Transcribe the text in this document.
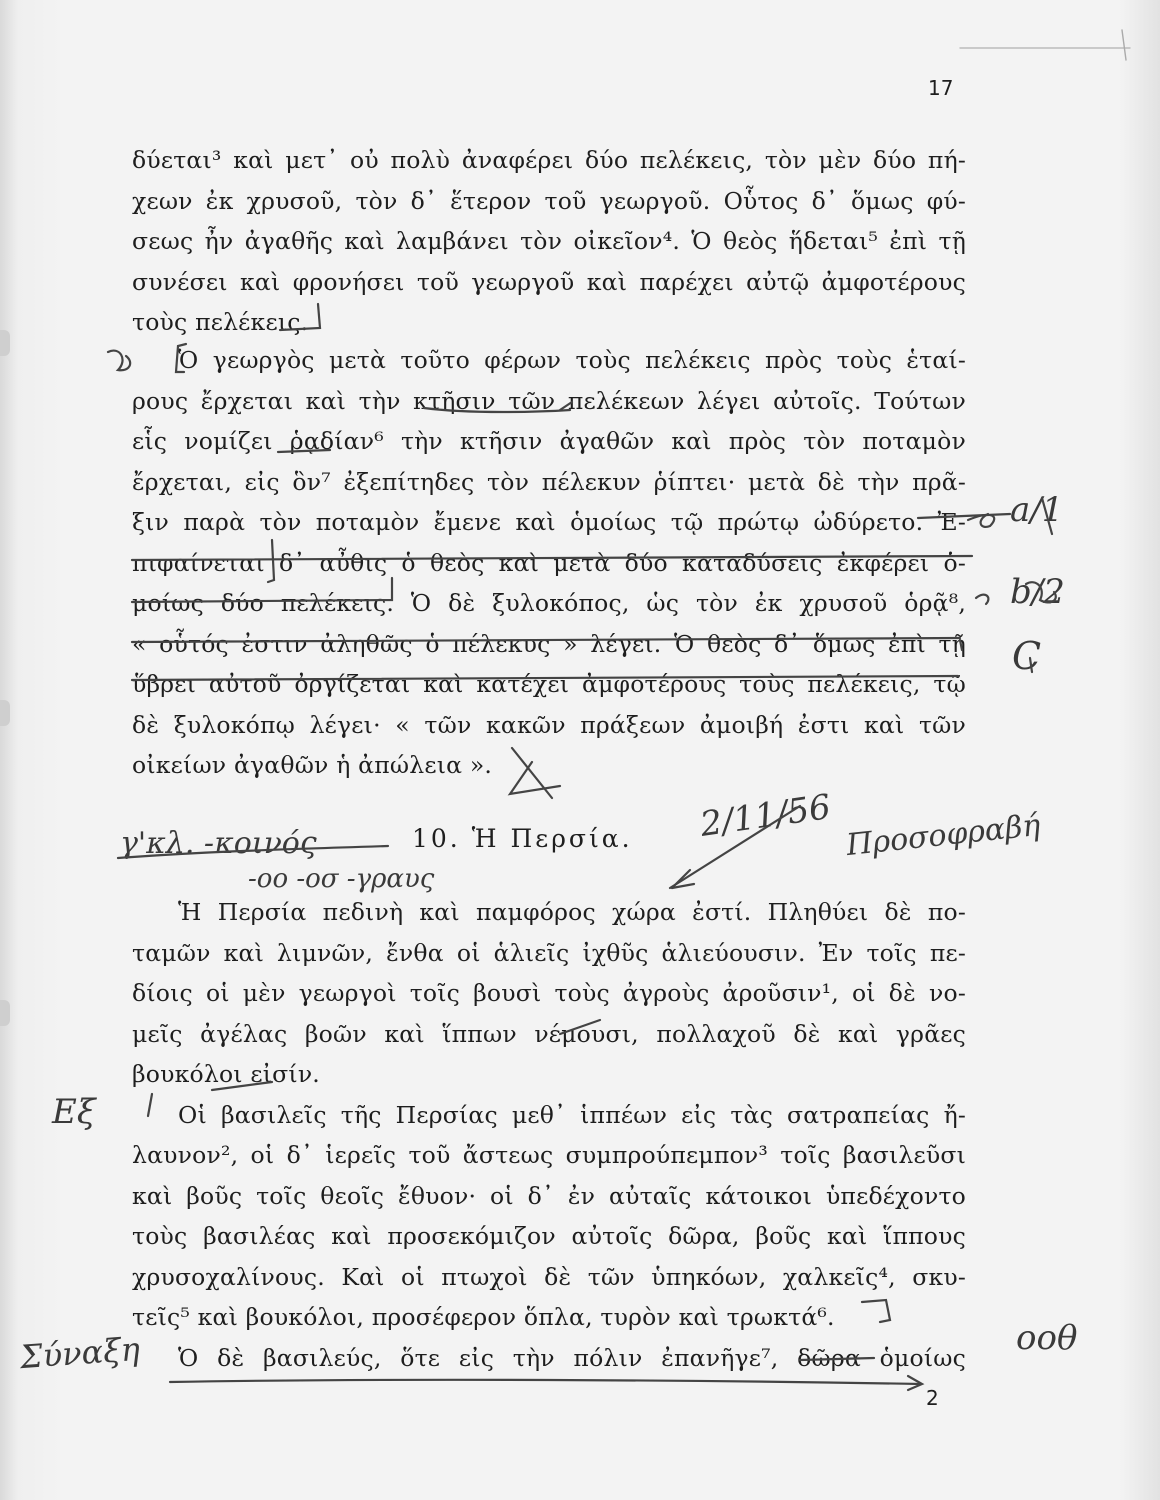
17
δύεται³ καὶ μετ᾽ οὐ πολὺ ἀναφέρει δύο πελέκεις, τὸν μὲν δύο πή-
χεων ἐκ χρυσοῦ, τὸν δ᾽ ἕτερον τοῦ γεωργοῦ. Οὗτος δ᾽ ὅμως φύ-
σεως ἦν ἀγαθῆς καὶ λαμβάνει τὸν οἰκεῖον⁴. Ὁ θεὸς ἥδεται⁵ ἐπὶ τῇ
συνέσει καὶ φρονήσει τοῦ γεωργοῦ καὶ παρέχει αὐτῷ ἀμφοτέρους
τοὺς πελέκεις.
Ὁ γεωργὸς μετὰ τοῦτο φέρων τοὺς πελέκεις πρὸς τοὺς ἑταί-
ρους ἔρχεται καὶ τὴν κτῆσιν τῶν πελέκεων λέγει αὐτοῖς. Τούτων
εἷς νομίζει ῥᾳδίαν⁶ τὴν κτῆσιν ἀγαθῶν καὶ πρὸς τὸν ποταμὸν
ἔρχεται, εἰς ὃν⁷ ἐξεπίτηδες τὸν πέλεκυν ῥίπτει· μετὰ δὲ τὴν πρᾶ-
ξιν παρὰ τὸν ποταμὸν ἔμενε καὶ ὁμοίως τῷ πρώτῳ ὠδύρετο. Ἐ-
πιφαίνεται δ᾽ αὖθις ὁ θεὸς καὶ μετὰ δύο καταδύσεις ἐκφέρει ὁ-
μοίως δύο πελέκεις. Ὁ δὲ ξυλοκόπος, ὡς τὸν ἐκ χρυσοῦ ὁρᾷ⁸,
« οὗτός ἐστιν ἀληθῶς ὁ πέλεκυς » λέγει. Ὁ θεὸς δ᾽ ὅμως ἐπὶ τῇ
ὕβρει αὐτοῦ ὀργίζεται καὶ κατέχει ἀμφοτέρους τοὺς πελέκεις, τῷ
δὲ ξυλοκόπῳ λέγει· « τῶν κακῶν πράξεων ἀμοιβή ἐστι καὶ τῶν
οἰκείων ἀγαθῶν ἡ ἀπώλεια ».
10. Ἡ Περσία.
Ἡ Περσία πεδινὴ καὶ παμφόρος χώρα ἐστί. Πληθύει δὲ πο-
ταμῶν καὶ λιμνῶν, ἔνθα οἱ ἁλιεῖς ἰχθῦς ἁλιεύουσιν. Ἐν τοῖς πε-
δίοις οἱ μὲν γεωργοὶ τοῖς βουσὶ τοὺς ἀγροὺς ἀροῦσιν¹, οἱ δὲ νο-
μεῖς ἀγέλας βοῶν καὶ ἵππων νέμουσι, πολλαχοῦ δὲ καὶ γρᾶες
βουκόλοι εἰσίν.
Οἱ βασιλεῖς τῆς Περσίας μεθ᾽ ἱππέων εἰς τὰς σατραπείας ἤ-
λαυνον², οἱ δ᾽ ἱερεῖς τοῦ ἄστεως συμπρούπεμπον³ τοῖς βασιλεῦσι
καὶ βοῦς τοῖς θεοῖς ἔθυον· οἱ δ᾽ ἐν αὐταῖς κάτοικοι ὑπεδέχοντο
τοὺς βασιλέας καὶ προσεκόμιζον αὐτοῖς δῶρα, βοῦς καὶ ἵππους
χρυσοχαλίνους. Καὶ οἱ πτωχοὶ δὲ τῶν ὑπηκόων, χαλκεῖς⁴, σκυ-
τεῖς⁵ καὶ βουκόλοι, προσέφερον ὅπλα, τυρὸν καὶ τρωκτά⁶.
Ὁ δὲ βασιλεύς, ὅτε εἰς τὴν πόλιν ἐπανῆγε⁷, δῶρα ὁμοίως
γ'κλ. -κοινός
-οο -οσ -γραυς
2/11/56 Προσοφραβή
a/1
b/2
C
Εξ
Σύναξη	οοθ
2
